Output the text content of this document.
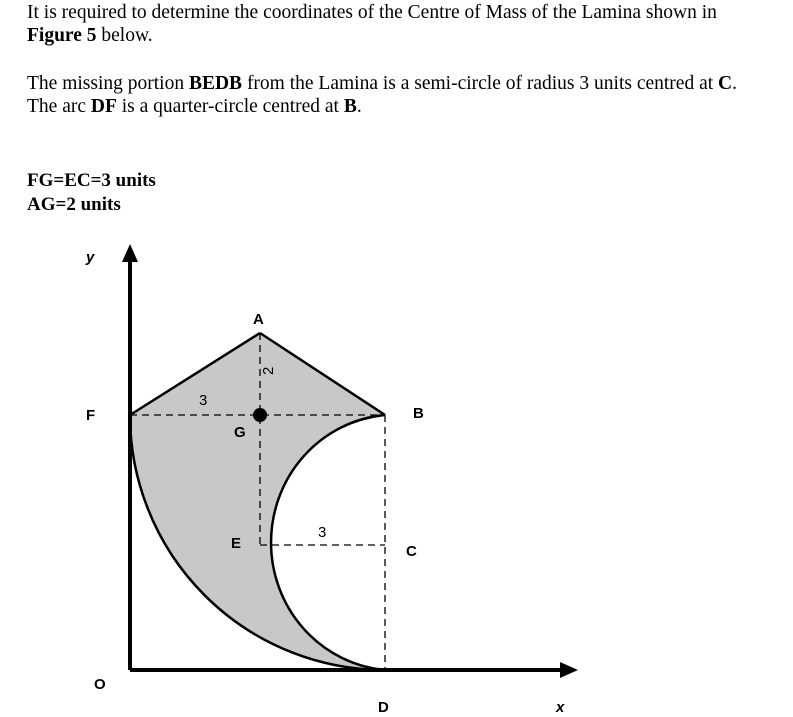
It is required to determine the coordinates of the Centre of Mass of the Lamina shown in Figure 5 below.

The missing portion BEDB from the Lamina is a semi-circle of radius 3 units centred at C. The arc DF is a quarter-circle centred at B.

FG=EC=3 units

AG=2 units

y
x
O
A
B
C
D
E
F
G
3
2
3
